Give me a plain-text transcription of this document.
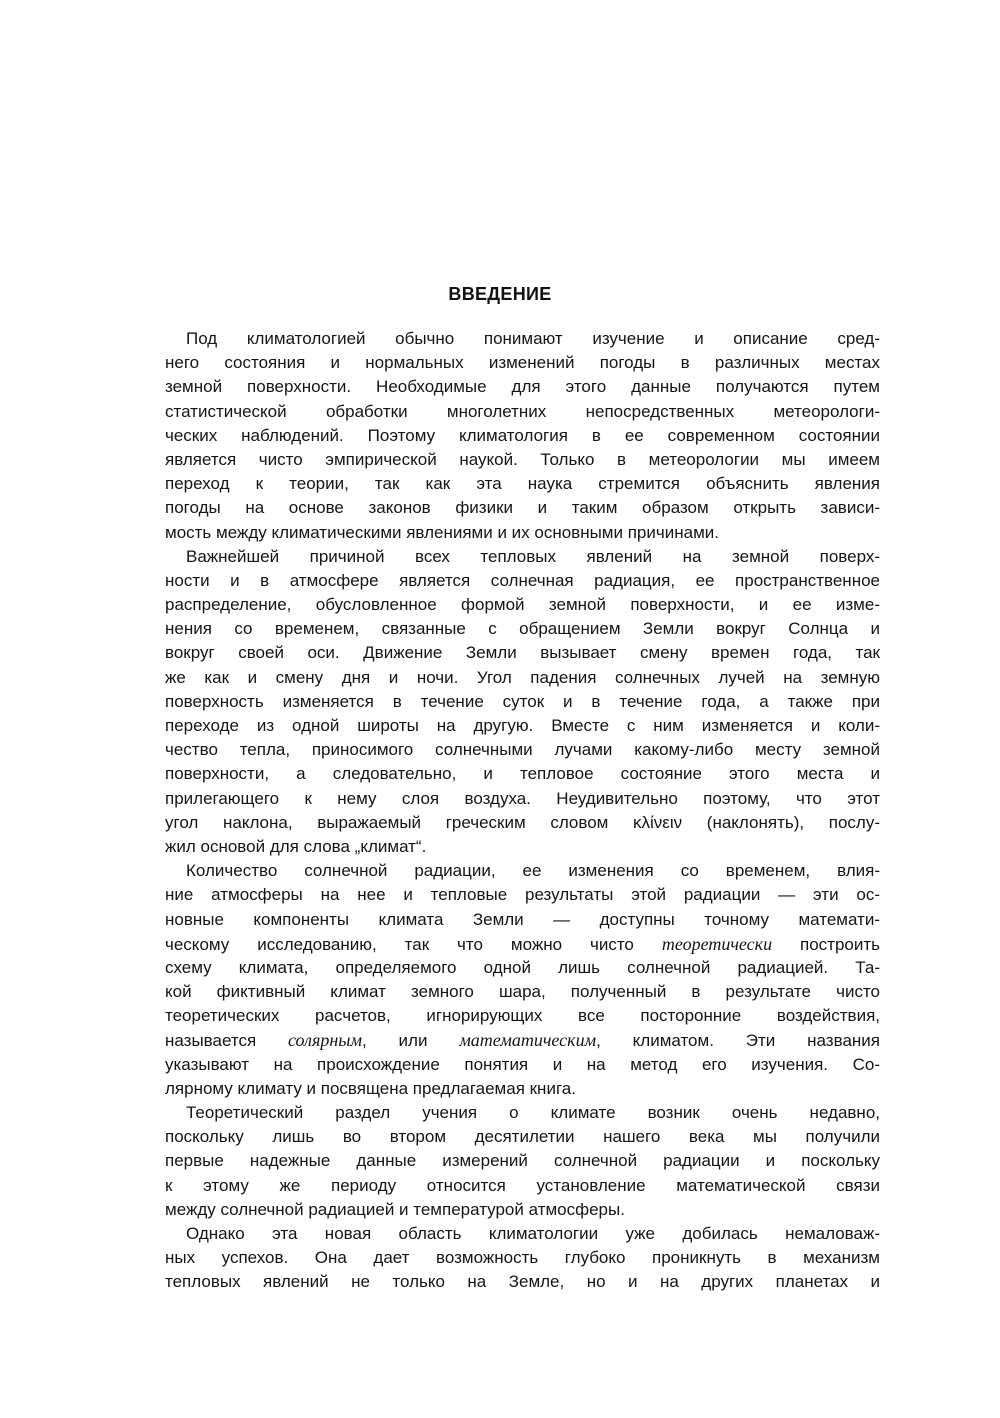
ВВЕДЕНИЕ
Под климатологией обычно понимают изучение и описание сред-
него состояния и нормальных изменений погоды в различных местах
земной поверхности. Необходимые для этого данные получаются путем
статистической обработки многолетних непосредственных метеорологи-
ческих наблюдений. Поэтому климатология в ее современном состоянии
является чисто эмпирической наукой. Только в метеорологии мы имеем
переход к теории, так как эта наука стремится объяснить явления
погоды на основе законов физики и таким образом открыть зависи-
мость между климатическими явлениями и их основными причинами.
Важнейшей причиной всех тепловых явлений на земной поверх-
ности и в атмосфере является солнечная радиация, ее пространственное
распределение, обусловленное формой земной поверхности, и ее изме-
нения со временем, связанные с обращением Земли вокруг Солнца и
вокруг своей оси. Движение Земли вызывает смену времен года, так
же как и смену дня и ночи. Угол падения солнечных лучей на земную
поверхность изменяется в течение суток и в течение года, а также при
переходе из одной широты на другую. Вместе с ним изменяется и коли-
чество тепла, приносимого солнечными лучами какому-либо месту земной
поверхности, а следовательно, и тепловое состояние этого места и
прилегающего к нему слоя воздуха. Неудивительно поэтому, что этот
угол наклона, выражаемый греческим словом κλίνειν (наклонять), послу-
жил основой для слова „климат“.
Количество солнечной радиации, ее изменения со временем, влия-
ние атмосферы на нее и тепловые результаты этой радиации — эти ос-
новные компоненты климата Земли — доступны точному математи-
ческому исследованию, так что можно чисто теоретически построить
схему климата, определяемого одной лишь солнечной радиацией. Та-
кой фиктивный климат земного шара, полученный в результате чисто
теоретических расчетов, игнорирующих все посторонние воздействия,
называется солярным, или математическим, климатом. Эти названия
указывают на происхождение понятия и на метод его изучения. Со-
лярному климату и посвящена предлагаемая книга.
Теоретический раздел учения о климате возник очень недавно,
поскольку лишь во втором десятилетии нашего века мы получили
первые надежные данные измерений солнечной радиации и поскольку
к этому же периоду относится установление математической связи
между солнечной радиацией и температурой атмосферы.
Однако эта новая область климатологии уже добилась немаловаж-
ных успехов. Она дает возможность глубоко проникнуть в механизм
тепловых явлений не только на Земле, но и на других планетах и
